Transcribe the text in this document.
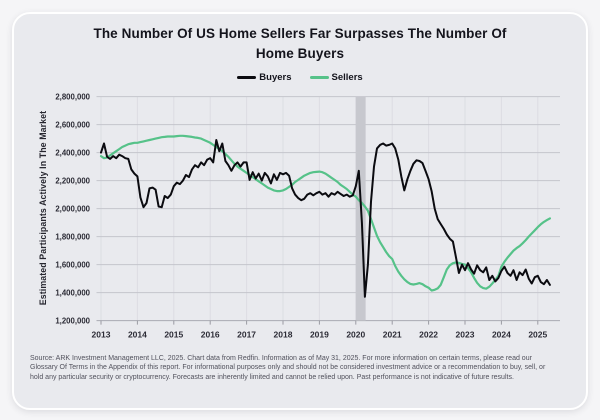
The Number Of US Home Sellers Far Surpasses The Number Of
Home Buyers
Buyers	Sellers
Estimated Participants Actively In The Market
2013 2014 2015 2016 2017 2018 2019 2020 2021 2022 2023 2024 2025
2,800,000
2,600,000
2,400,000
2,200,000
2,000,000
1,800,000
1,600,000
1,400,000
1,200,000
Source: ARK Investment Management LLC, 2025. Chart data from Redfin. Information as of May 31, 2025. For more information on certain terms, please read our Glossary Of Terms in the Appendix of this report. For informational purposes only and should not be considered investment advice or a recommendation to buy, sell, or hold any particular security or cryptocurrency. Forecasts are inherently limited and cannot be relied upon. Past performance is not indicative of future results.
